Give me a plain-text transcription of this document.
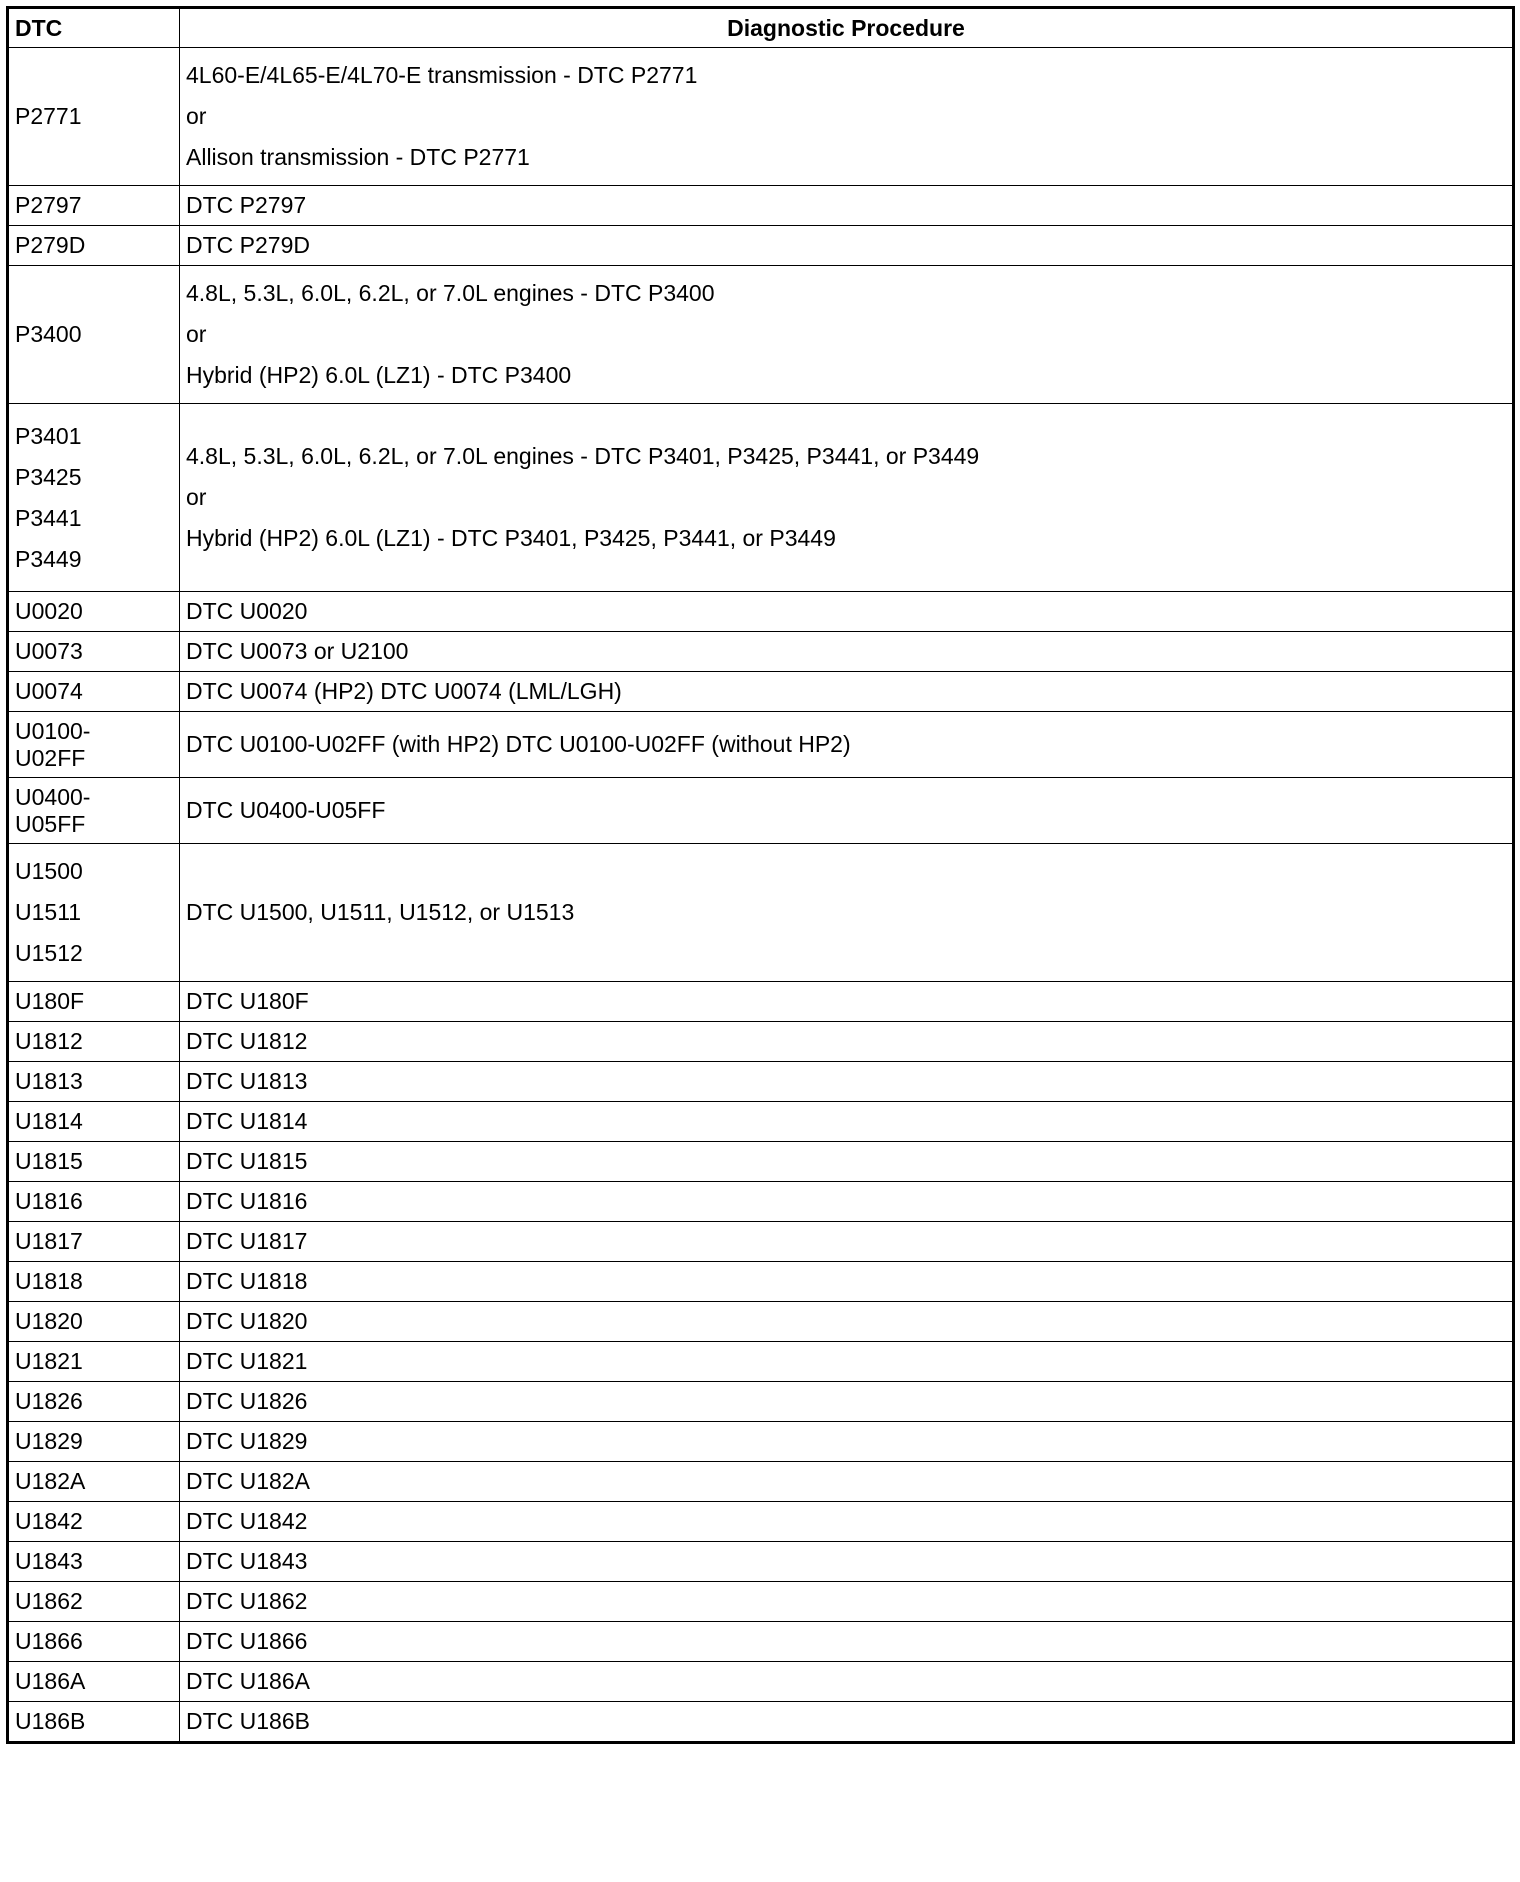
DTC	Diagnostic Procedure

P2771	4L60-E/4L65-E/4L70-E transmission - DTC P2771
or
Allison transmission - DTC P2771

P2797	DTC P2797

P279D	DTC P279D

P3400	4.8L, 5.3L, 6.0L, 6.2L, or 7.0L engines - DTC P3400
or
Hybrid (HP2) 6.0L (LZ1) - DTC P3400

P3401
P3425
P3441
P3449	4.8L, 5.3L, 6.0L, 6.2L, or 7.0L engines - DTC P3401, P3425, P3441, or P3449
or
Hybrid (HP2) 6.0L (LZ1) - DTC P3401, P3425, P3441, or P3449

U0020	DTC U0020

U0073	DTC U0073 or U2100

U0074	DTC U0074 (HP2) DTC U0074 (LML/LGH)

U0100-
U02FF	DTC U0100-U02FF (with HP2) DTC U0100-U02FF (without HP2)

U0400-
U05FF	DTC U0400-U05FF

U1500
U1511
U1512	DTC U1500, U1511, U1512, or U1513

U180F	DTC U180F

U1812	DTC U1812

U1813	DTC U1813

U1814	DTC U1814

U1815	DTC U1815

U1816	DTC U1816

U1817	DTC U1817

U1818	DTC U1818

U1820	DTC U1820

U1821	DTC U1821

U1826	DTC U1826

U1829	DTC U1829

U182A	DTC U182A

U1842	DTC U1842

U1843	DTC U1843

U1862	DTC U1862

U1866	DTC U1866

U186A	DTC U186A

U186B	DTC U186B
